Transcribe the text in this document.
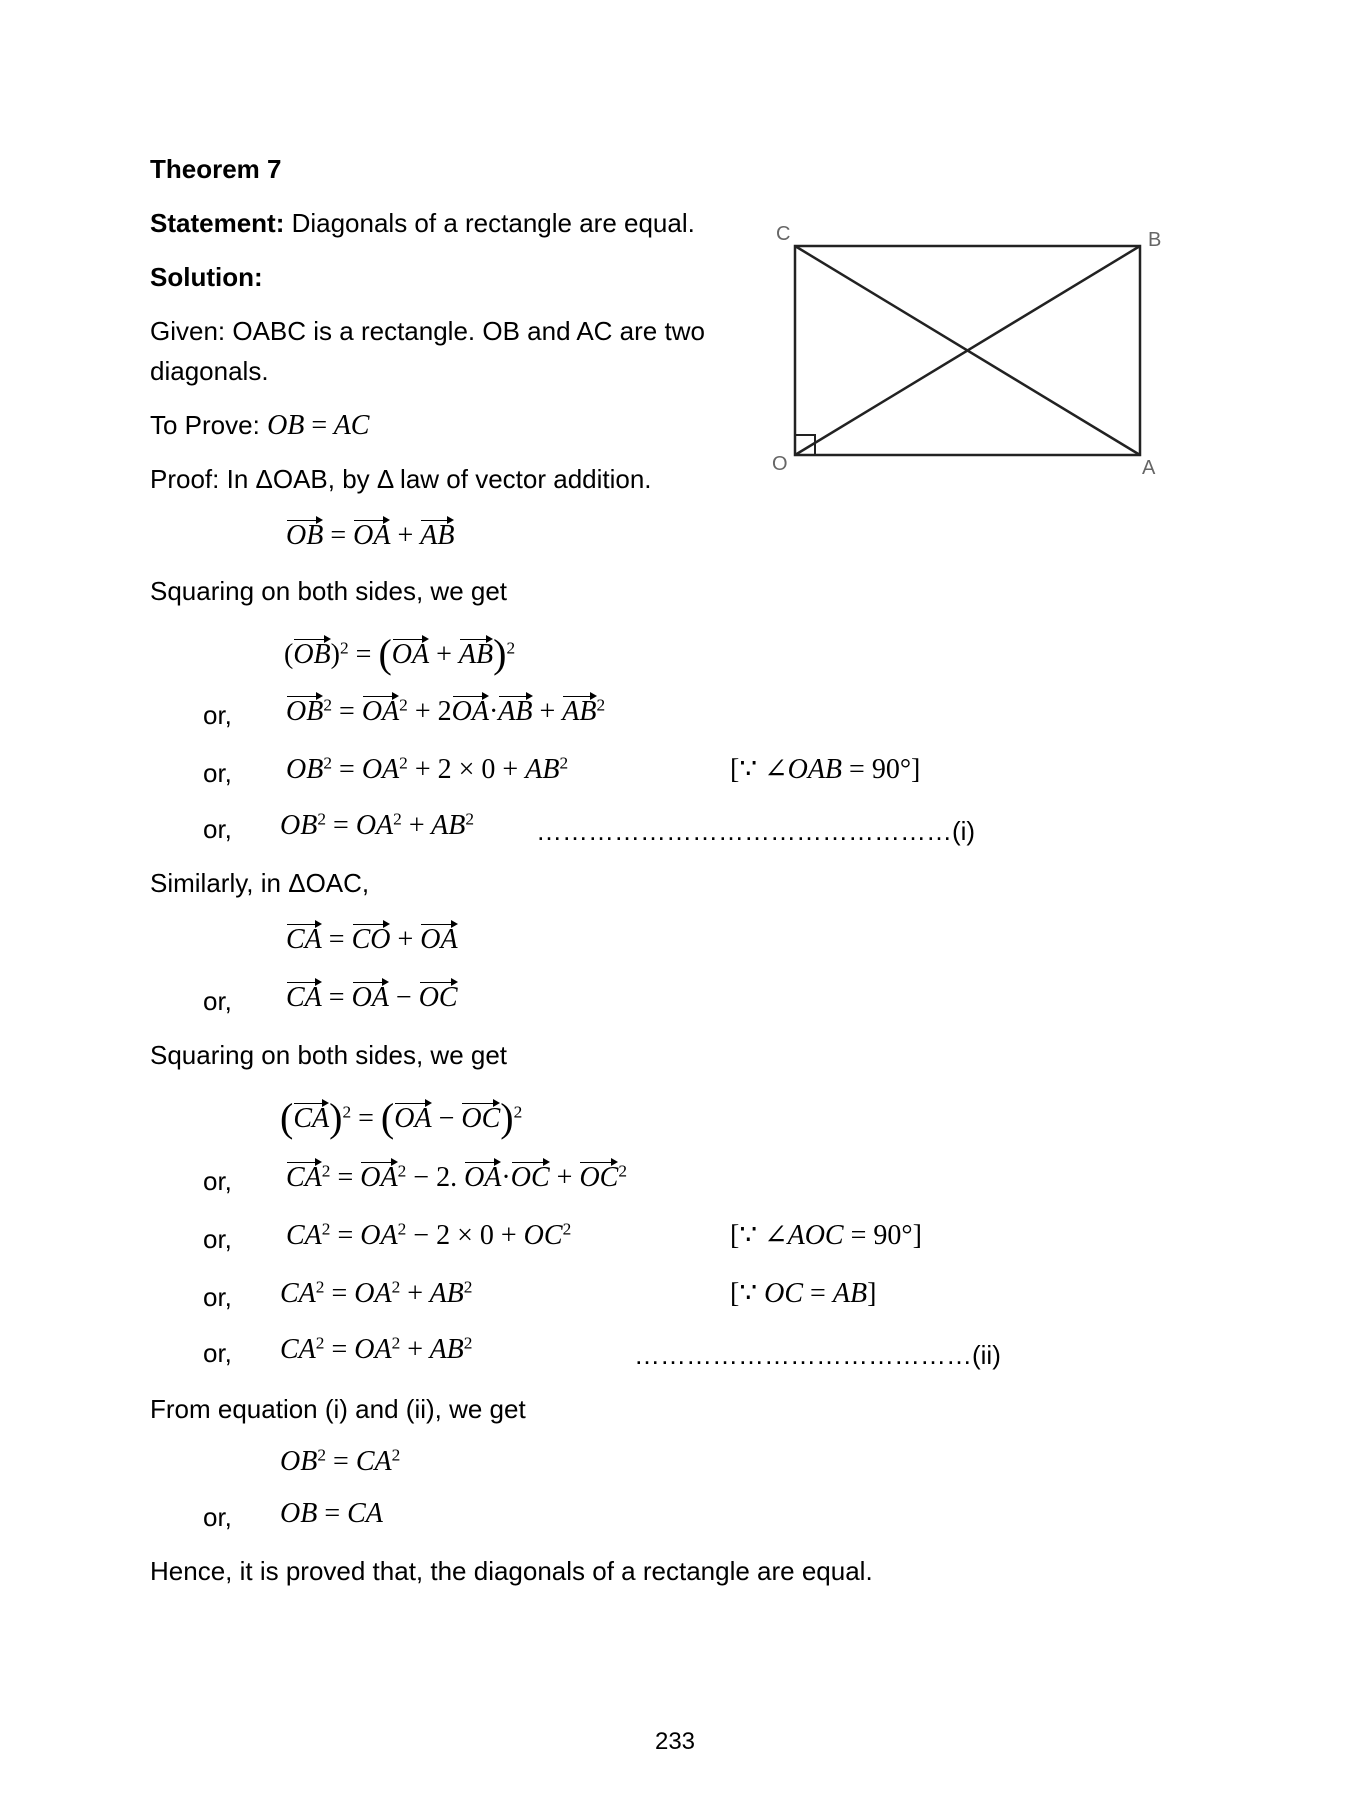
Theorem 7
Statement: Diagonals of a rectangle are equal.
Solution:
Given: OABC is a rectangle. OB and AC are two
diagonals.
To Prove: OB = AC
Proof: In ΔOAB, by Δ law of vector addition.
OB = OA + AB
Squaring on both sides, we get
(OB)$^2$ = (OA + AB)$^2$
or, $OB^2 = OA^2 + 2OA\cdot AB + AB^2$
or, $OB^2 = OA^2 + 2 \times 0 + AB^2$	[∵ ∠OAB = 90°]
or, $OB^2 = OA^2 + AB^2$ …………………………………………(i)
Similarly, in ΔOAC,
CA = CO + OA
or, CA = OA − OC
Squaring on both sides, we get
(CA)$^2$ = (OA − OC)$^2$
or, $CA^2 = OA^2 - 2$. $OA\cdot OC + OC^2$
or, $CA^2 = OA^2 - 2 \times 0 + OC^2$	[∵ ∠AOC = 90°]
or, $CA^2 = OA^2 + AB^2$	[∵ OC = AB]
or, $CA^2 = OA^2 + AB^2$	…………………………………(ii)
From equation (i) and (ii), we get
$OB^2 = CA^2$
or, OB = CA
Hence, it is proved that, the diagonals of a rectangle are equal.
233
C	B
O	A
